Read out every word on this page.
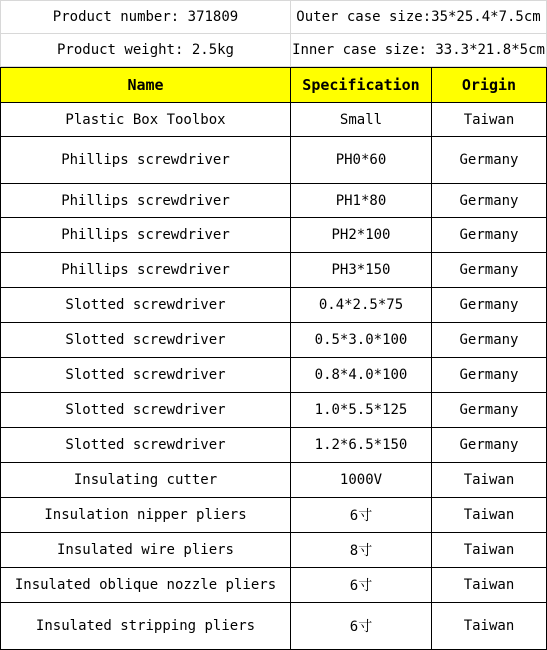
Product number: 371809	Outer case size:35*25.4*7.5cm
Product weight: 2.5kg	Inner case size: 33.3*21.8*5cm
Name	Specification	Origin
Plastic Box Toolbox	Small	Taiwan
Phillips screwdriver	PH0*60	Germany
Phillips screwdriver	PH1*80	Germany
Phillips screwdriver	PH2*100	Germany
Phillips screwdriver	PH3*150	Germany
Slotted screwdriver	0.4*2.5*75	Germany
Slotted screwdriver	0.5*3.0*100	Germany
Slotted screwdriver	0.8*4.0*100	Germany
Slotted screwdriver	1.0*5.5*125	Germany
Slotted screwdriver	1.2*6.5*150	Germany
Insulating cutter	1000V	Taiwan
Insulation nipper pliers	6寸	Taiwan
Insulated wire pliers	8寸	Taiwan
Insulated oblique nozzle pliers	6寸	Taiwan
Insulated stripping pliers	6寸	Taiwan
